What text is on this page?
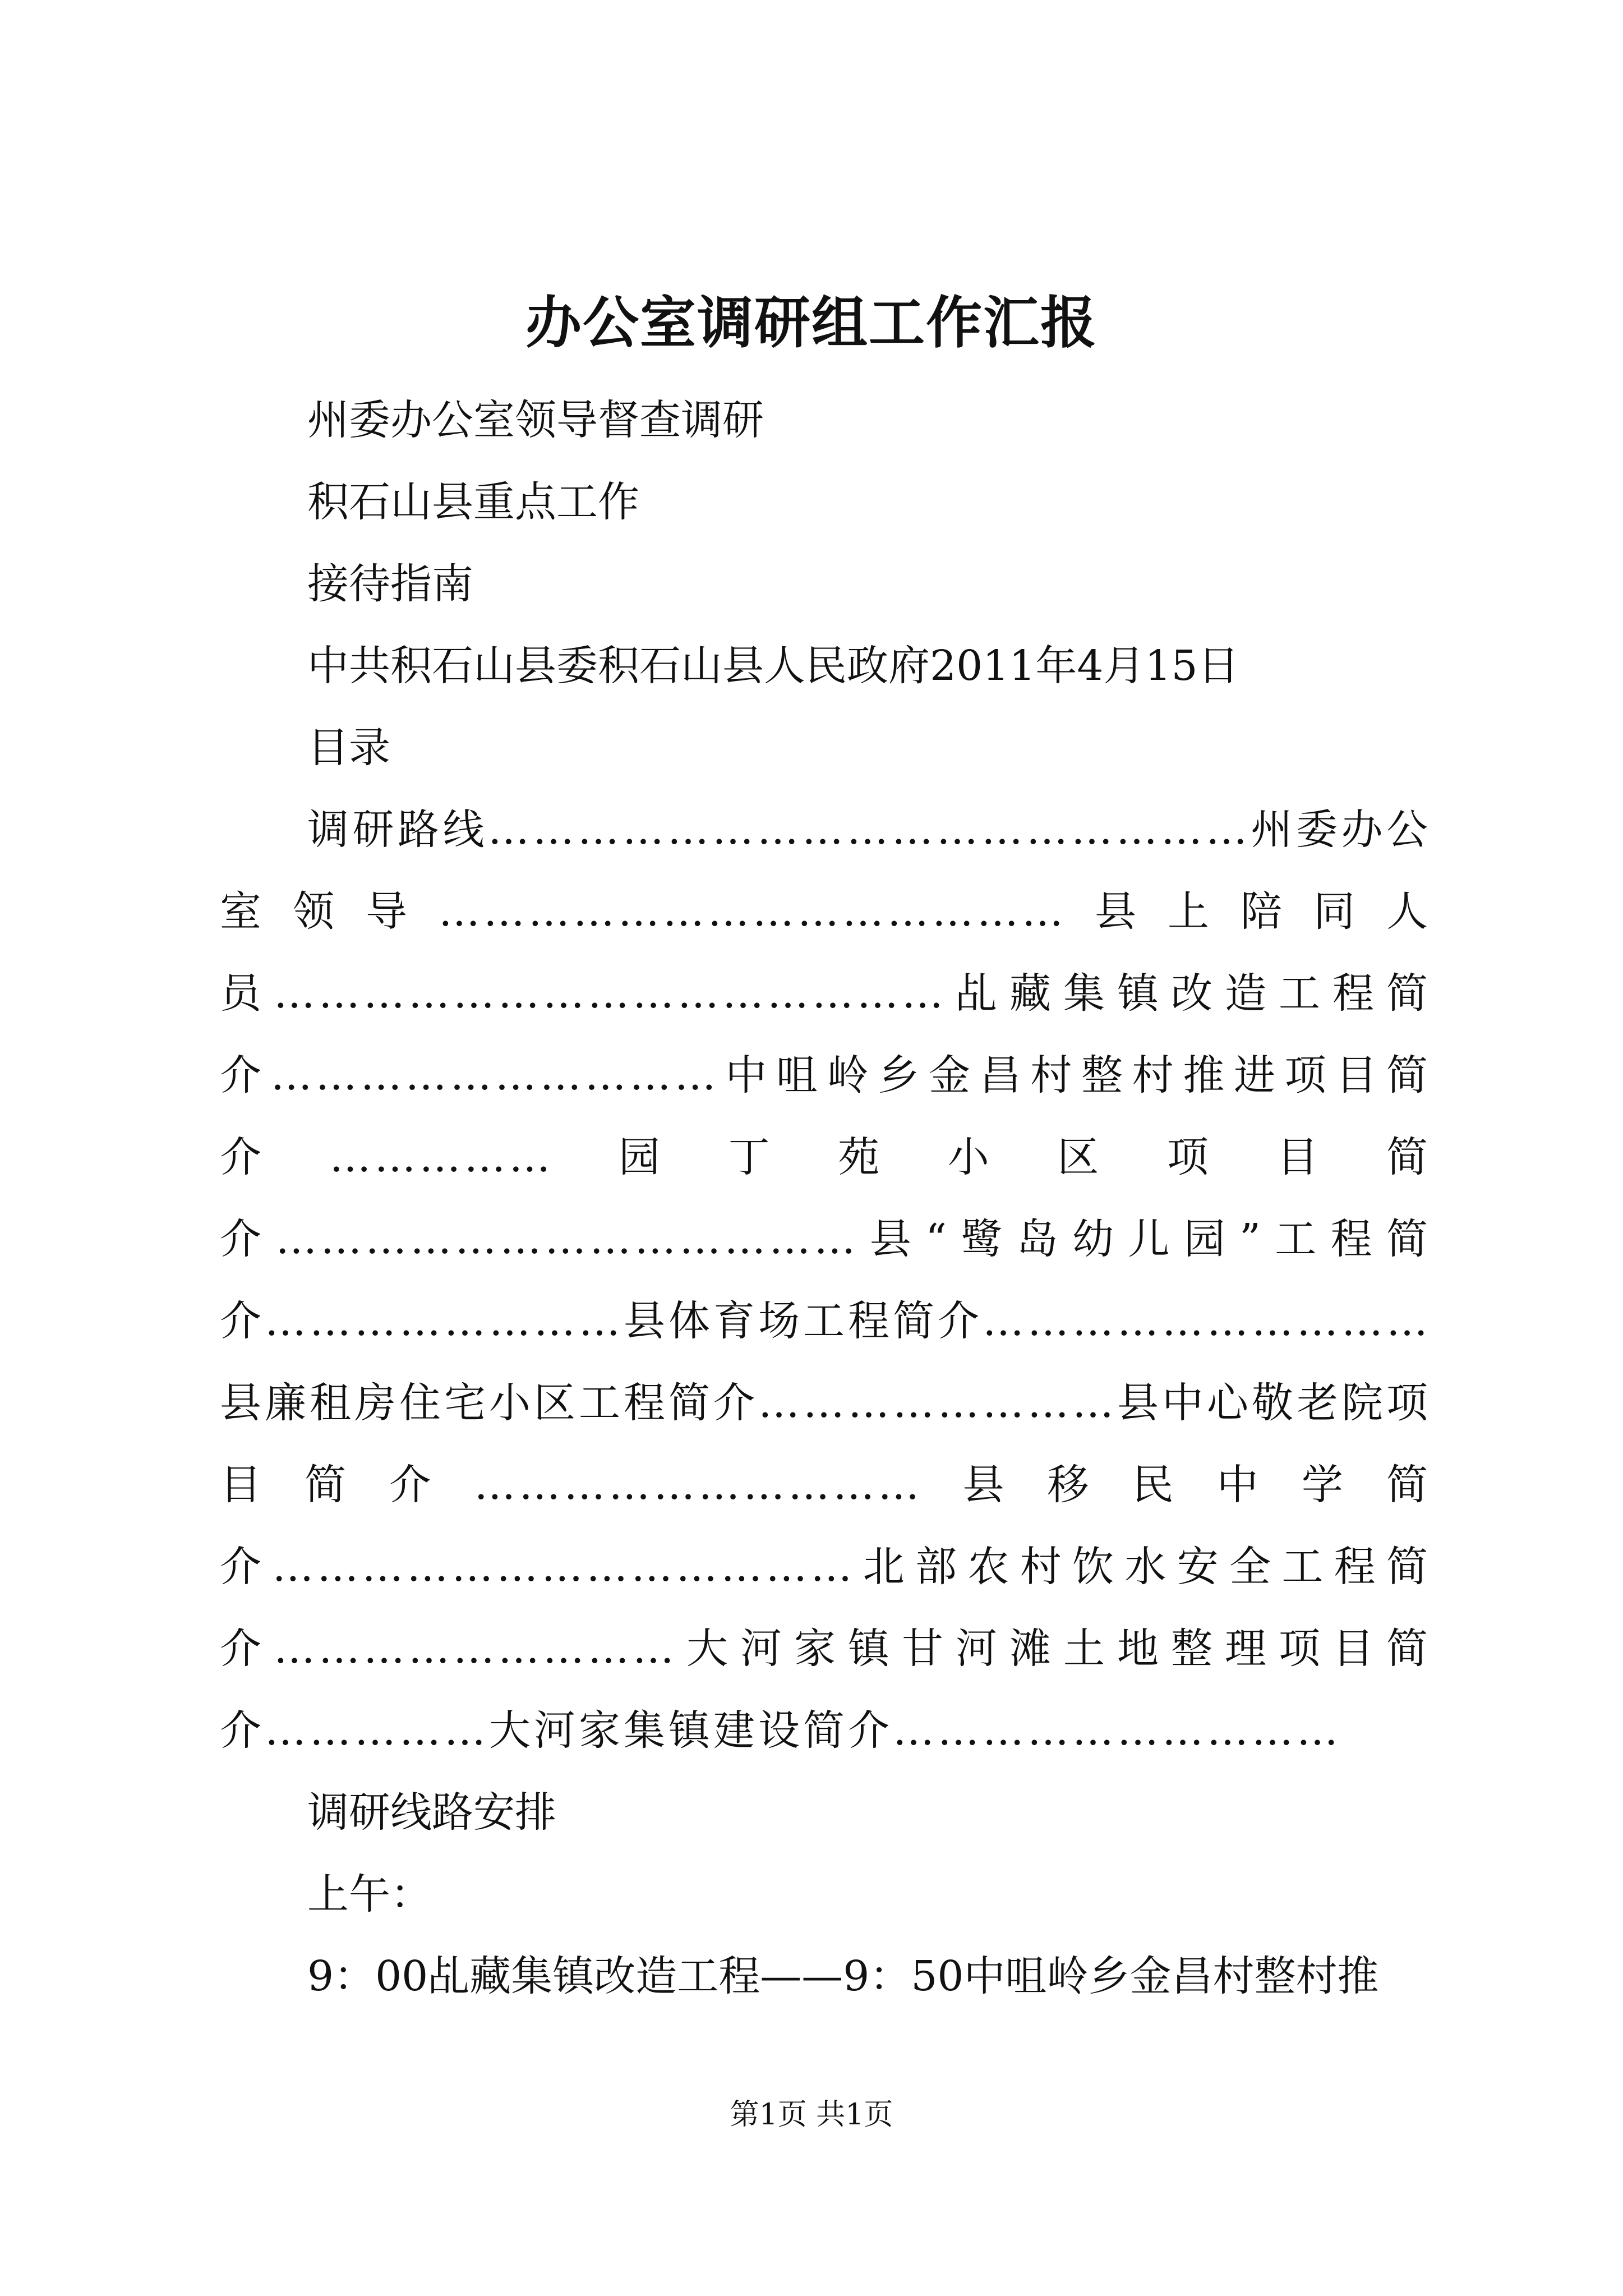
办公室调研组工作汇报

州委办公室领导督查调研

积石山县重点工作

接待指南

中共积石山县委积石山县人民政府2011年4月15日

目录

调研路线……………………………………………州委办公室领导……………………………………县上陪同人员………………………………………乩藏集镇改造工程简介…………………………中咀岭乡金昌村整村推进项目简介……………园丁苑小区项目简介…………………………………县“鹭岛幼儿园”工程简介……………………县体育场工程简介…………………………县廉租房住宅小区工程简介……………………县中心敬老院项目简介…………………………县移民中学简介…………………………………北部农村饮水安全工程简介………………………大河家镇甘河滩土地整理项目简介……………大河家集镇建设简介…………………………

调研线路安排

上午：

9：00乩藏集镇改造工程——9：50中咀岭乡金昌村整村推

第1页 共1页
